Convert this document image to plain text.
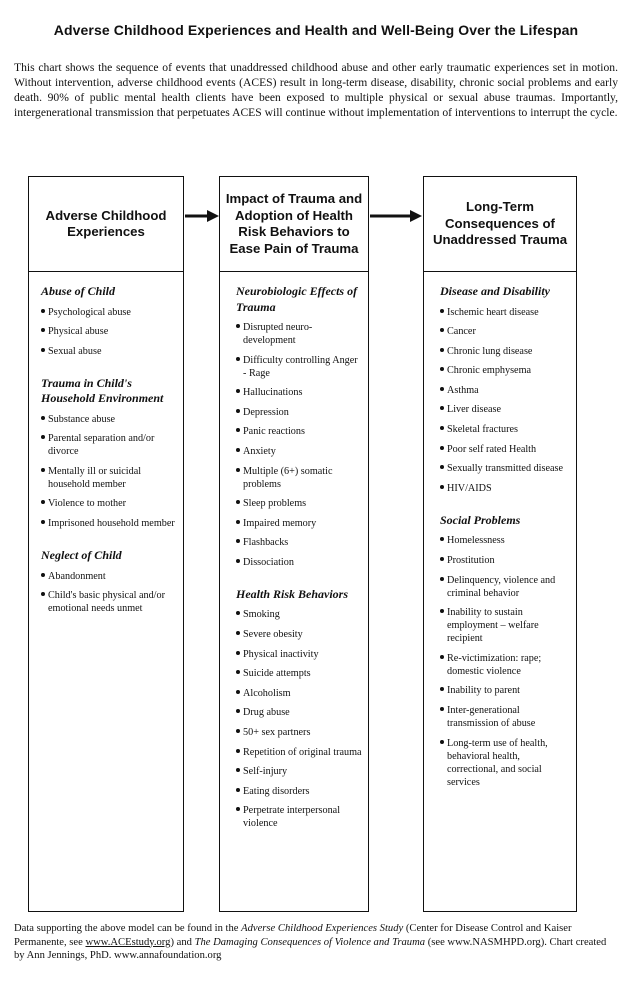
Adverse Childhood Experiences and Health and Well-Being Over the Lifespan
This chart shows the sequence of events that unaddressed childhood abuse and other early traumatic experiences set in motion. Without intervention, adverse childhood events (ACES) result in long-term disease, disability, chronic social problems and early death. 90% of public mental health clients have been exposed to multiple physical or sexual abuse traumas. Importantly, intergenerational transmission that perpetuates ACES will continue without implementation of interventions to interrupt the cycle.
Adverse Childhood Experiences
Abuse of Child
Psychological abuse
Physical abuse
Sexual abuse
Trauma in Child's Household Environment
Substance abuse
Parental separation and/or divorce
Mentally ill or suicidal household member
Violence to mother
Imprisoned household member
Neglect of Child
Abandonment
Child's basic physical and/or emotional needs unmet
Impact of Trauma and Adoption of Health Risk Behaviors to Ease Pain of Trauma
Neurobiologic Effects of Trauma
Disrupted neuro-development
Difficulty controlling Anger - Rage
Hallucinations
Depression
Panic reactions
Anxiety
Multiple (6+) somatic problems
Sleep problems
Impaired memory
Flashbacks
Dissociation
Health Risk Behaviors
Smoking
Severe obesity
Physical inactivity
Suicide attempts
Alcoholism
Drug abuse
50+ sex partners
Repetition of original trauma
Self-injury
Eating disorders
Perpetrate interpersonal violence
Long-Term Consequences of Unaddressed Trauma
Disease and Disability
Ischemic heart disease
Cancer
Chronic lung disease
Chronic emphysema
Asthma
Liver disease
Skeletal fractures
Poor self rated Health
Sexually transmitted disease
HIV/AIDS
Social Problems
Homelessness
Prostitution
Delinquency, violence and criminal behavior
Inability to sustain employment – welfare recipient
Re-victimization: rape; domestic violence
Inability to parent
Inter-generational transmission of abuse
Long-term use of health, behavioral health, correctional, and social services
Data supporting the above model can be found in the Adverse Childhood Experiences Study (Center for Disease Control and Kaiser Permanente, see www.ACEstudy.org) and The Damaging Consequences of Violence and Trauma (see www.NASMHPD.org). Chart created by Ann Jennings, PhD. www.annafoundation.org
